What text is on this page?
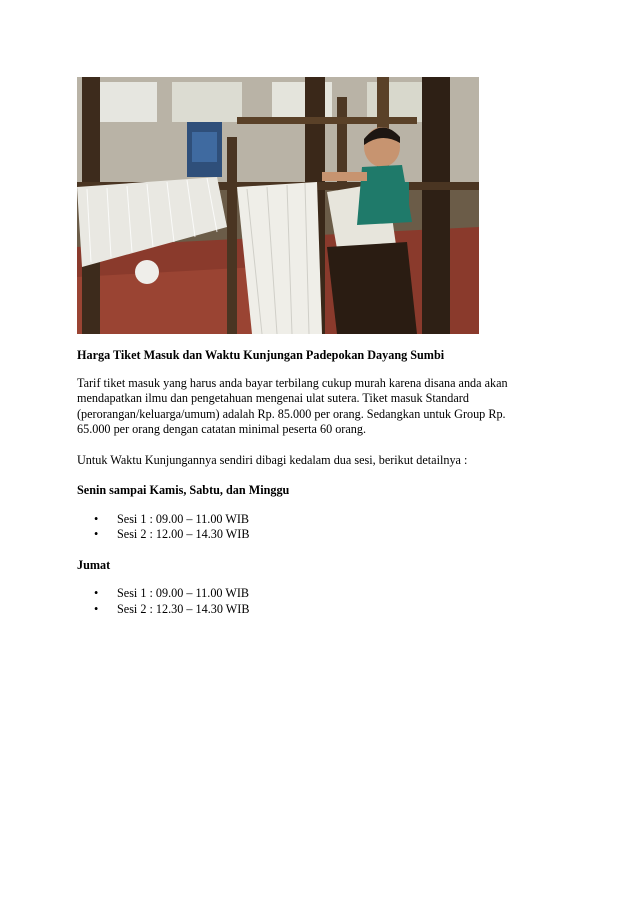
Harga Tiket Masuk dan Waktu Kunjungan Padepokan Dayang Sumbi
Tarif tiket masuk yang harus anda bayar terbilang cukup murah karena disana anda akan
mendapatkan ilmu dan pengetahuan mengenai ulat sutera. Tiket masuk Standard
(perorangan/keluarga/umum) adalah Rp. 85.000 per orang. Sedangkan untuk Group Rp.
65.000 per orang dengan catatan minimal peserta 60 orang.
Untuk Waktu Kunjungannya sendiri dibagi kedalam dua sesi, berikut detailnya :
Senin sampai Kamis, Sabtu, dan Minggu
• Sesi 1 : 09.00 – 11.00 WIB
• Sesi 2 : 12.00 – 14.30 WIB
Jumat
• Sesi 1 : 09.00 – 11.00 WIB
• Sesi 2 : 12.30 – 14.30 WIB
